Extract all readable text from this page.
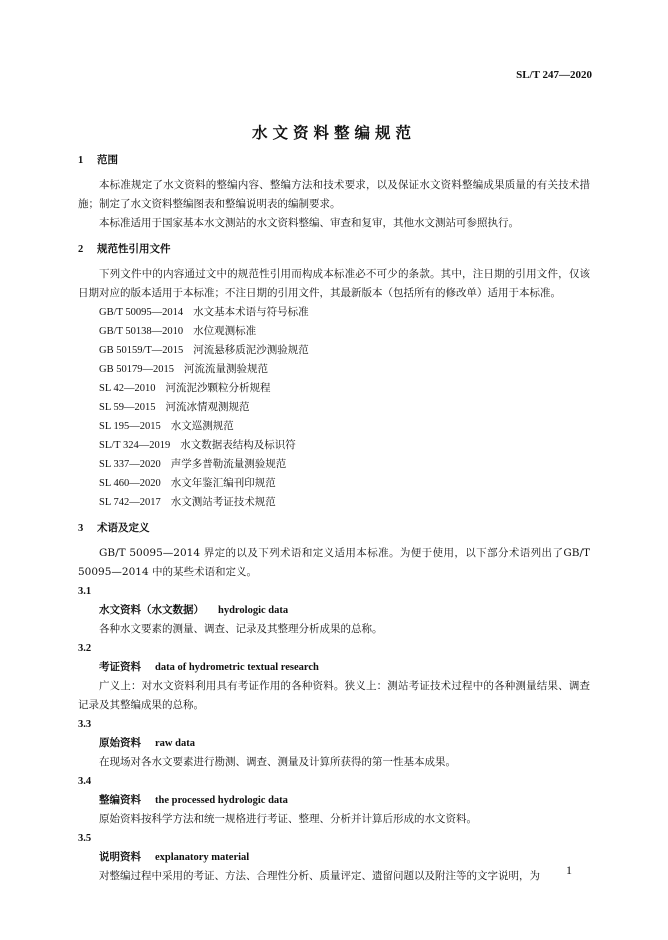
SL/T 247—2020
水文资料整编规范

1 范围

本标准规定了水文资料的整编内容、整编方法和技术要求，以及保证水文资料整编成果质量的有关技术措施；制定了水文资料整编图表和整编说明表的编制要求。

本标准适用于国家基本水文测站的水文资料整编、审查和复审，其他水文测站可参照执行。

2 规范性引用文件

下列文件中的内容通过文中的规范性引用而构成本标准必不可少的条款。其中，注日期的引用文件，仅该日期对应的版本适用于本标准；不注日期的引用文件，其最新版本（包括所有的修改单）适用于本标准。

GB/T 50095—2014 水文基本术语与符号标准

GB/T 50138—2010 水位观测标准

GB 50159/T—2015 河流悬移质泥沙测验规范

GB 50179—2015 河流流量测验规范

SL 42—2010 河流泥沙颗粒分析规程

SL 59—2015 河流冰情观测规范

SL 195—2015 水文巡测规范

SL/T 324—2019 水文数据表结构及标识符

SL 337—2020 声学多普勒流量测验规范

SL 460—2020 水文年鉴汇编刊印规范

SL 742—2017 水文测站考证技术规范

3 术语及定义

GB/T 50095—2014 界定的以及下列术语和定义适用本标准。为便于使用，以下部分术语列出了GB/T 50095—2014 中的某些术语和定义。

3.1

水文资料（水文数据） hydrologic data

各种水文要素的测量、调查、记录及其整理分析成果的总称。

3.2

考证资料 data of hydrometric textual research

广义上：对水文资料利用具有考证作用的各种资料。狭义上：测站考证技术过程中的各种测量结果、调查记录及其整编成果的总称。

3.3

原始资料 raw data

在现场对各水文要素进行勘测、调查、测量及计算所获得的第一性基本成果。

3.4

整编资料 the processed hydrologic data

原始资料按科学方法和统一规格进行考证、整理、分析并计算后形成的水文资料。

3.5

说明资料 explanatory material

对整编过程中采用的考证、方法、合理性分析、质量评定、遗留问题以及附注等的文字说明，为	1
